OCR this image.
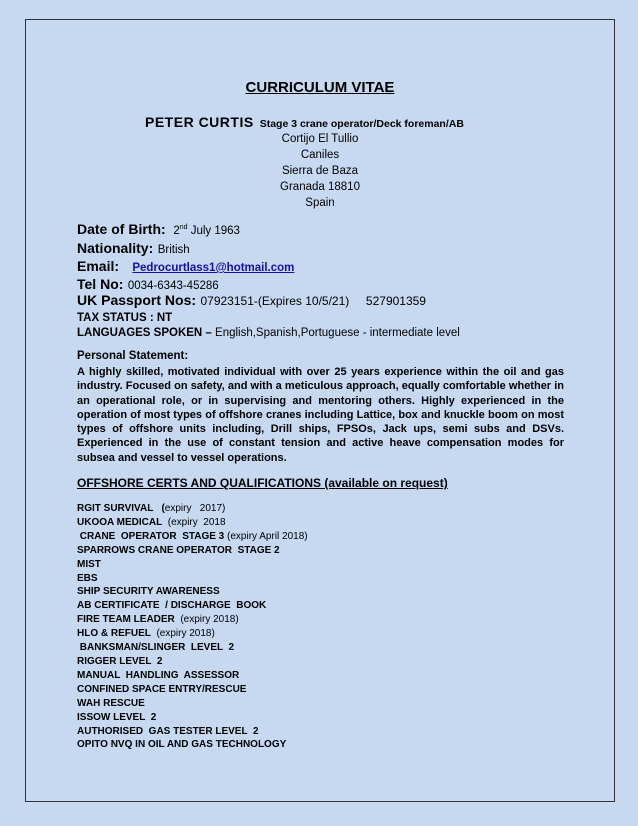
CURRICULUM VITAE
PETER CURTIS Stage 3 crane operator/Deck foreman/AB
Cortijo El Tullio
Caniles
Sierra de Baza
Granada 18810
Spain
Date of Birth: 2nd July 1963
Nationality: British
Email: Pedrocurtlass1@hotmail.com
Tel No: 0034-6343-45286
UK Passport Nos: 07923151-(Expires 10/5/21)     527901359
TAX STATUS : NT
LANGUAGES SPOKEN – English,Spanish,Portuguese - intermediate level
Personal Statement:
A highly skilled, motivated individual with over 25 years experience within the oil and gas industry. Focused on safety, and with a meticulous approach, equally comfortable whether in an operational role, or in supervising and mentoring others. Highly experienced in the operation of most types of offshore cranes including Lattice, box and knuckle boom on most types of offshore units including, Drill ships, FPSOs, Jack ups, semi subs and DSVs. Experienced in the use of constant tension and active heave compensation modes for subsea and vessel to vessel operations.
OFFSHORE CERTS AND QUALIFICATIONS (available on request)
RGIT SURVIVAL   (expiry   2017)
UKOOA MEDICAL  (expiry  2018
CRANE  OPERATOR  STAGE 3 (expiry April 2018)
SPARROWS CRANE OPERATOR  STAGE 2
MIST
EBS
SHIP SECURITY AWARENESS
AB CERTIFICATE  / DISCHARGE  BOOK
FIRE TEAM LEADER  (expiry 2018)
HLO & REFUEL  (expiry 2018)
BANKSMAN/SLINGER  LEVEL  2
RIGGER LEVEL  2
MANUAL  HANDLING  ASSESSOR
CONFINED SPACE ENTRY/RESCUE
WAH RESCUE
ISSOW LEVEL  2
AUTHORISED  GAS TESTER LEVEL  2
OPITO NVQ IN OIL AND GAS TECHNOLOGY
